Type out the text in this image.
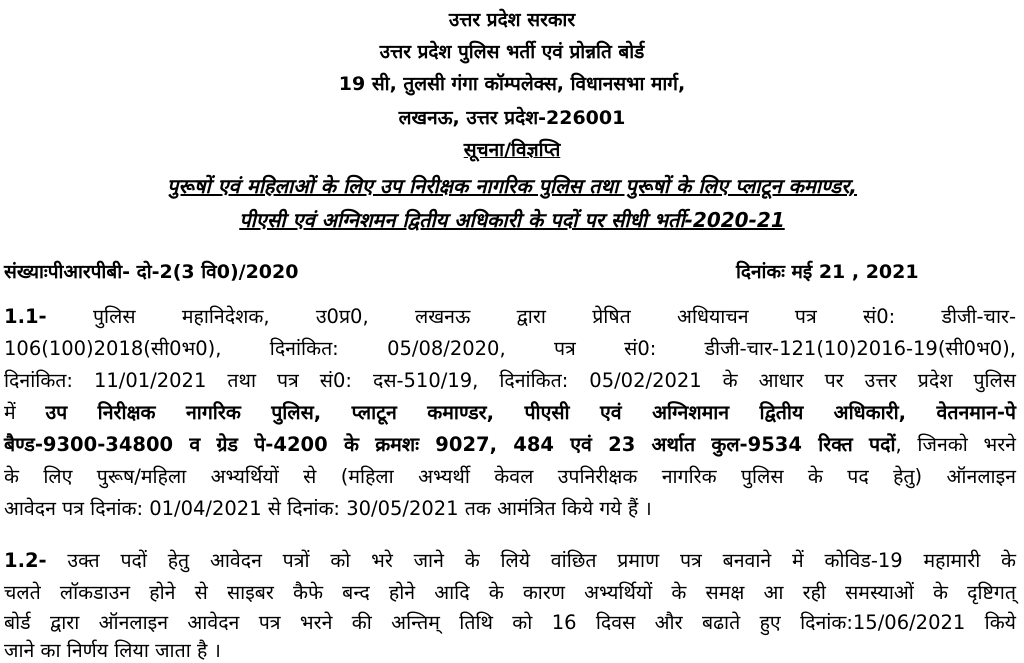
उत्तर प्रदेश सरकार
उत्तर प्रदेश पुलिस भर्ती एवं प्रोन्नति बोर्ड
19 सी, तुलसी गंगा कॉम्पलेक्स, विधानसभा मार्ग,
लखनऊ, उत्तर प्रदेश-226001
सूचना/विज्ञप्ति
पुरूषों एवं महिलाओं के लिए उप निरीक्षक नागरिक पुलिस तथा पुरूषों के लिए प्लाटून कमाण्डर,
पीएसी एवं अग्निशमन द्वितीय अधिकारी के पदों पर सीधी भर्ती-2020-21
संख्याःपीआरपीबी- दो-2(3 वि0)/2020	दिनांकः मई 21 , 2021
1.1- पुलिस महानिदेशक, उ0प्र0, लखनऊ द्वारा प्रेषित अधियाचन पत्र सं0: डीजी-चार-
106(100)2018(सी0भ0), दिनांकित: 05/08/2020, पत्र सं0: डीजी-चार-121(10)2016-19(सी0भ0),
दिनांकित: 11/01/2021 तथा पत्र सं0: दस-510/19, दिनांकित: 05/02/2021 के आधार पर उत्तर प्रदेश पुलिस
में उप निरीक्षक नागरिक पुलिस, प्लाटून कमाण्डर, पीएसी एवं अग्निशमान द्वितीय अधिकारी, वेतनमान-पे
बैण्ड-9300-34800 व ग्रेड पे-4200 के क्रमशः 9027, 484 एवं 23 अर्थात कुल-9534 रिक्त पदों, जिनको भरने
के लिए पुरूष/महिला अभ्यर्थियों से (महिला अभ्यर्थी केवल उपनिरीक्षक नागरिक पुलिस के पद हेतु) ऑनलाइन
आवेदन पत्र दिनांक: 01/04/2021 से दिनांक: 30/05/2021 तक आमंत्रित किये गये हैं ।
1.2- उक्त पदों हेतु आवेदन पत्रों को भरे जाने के लिये वांछित प्रमाण पत्र बनवाने में कोविड-19 महामारी के
चलते लॉकडाउन होने से साइबर कैफे बन्द होने आदि के कारण अभ्यर्थियों के समक्ष आ रही समस्याओं के दृष्टिगत्
बोर्ड द्वारा ऑनलाइन आवेदन पत्र भरने की अन्तिम् तिथि को 16 दिवस और बढाते हुए दिनांक:15/06/2021 किये
जाने का निर्णय लिया जाता है ।
